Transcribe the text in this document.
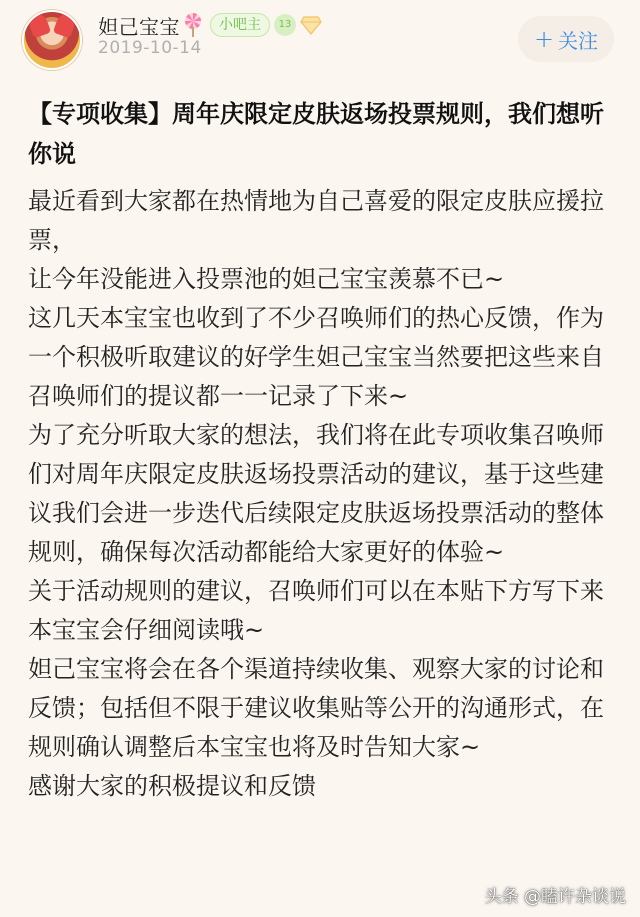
妲己宝宝	小吧主	13
2019-10-14	+ 关注
【专项收集】周年庆限定皮肤返场投票规则，我们想听你说

最近看到大家都在热情地为自己喜爱的限定皮肤应援拉票，

让今年没能进入投票池的妲己宝宝羡慕不已~

这几天本宝宝也收到了不少召唤师们的热心反馈，作为一个积极听取建议的好学生妲己宝宝当然要把这些来自召唤师们的提议都一一记录了下来~

为了充分听取大家的想法，我们将在此专项收集召唤师们对周年庆限定皮肤返场投票活动的建议，基于这些建议我们会进一步迭代后续限定皮肤返场投票活动的整体规则，确保每次活动都能给大家更好的体验~

关于活动规则的建议，召唤师们可以在本贴下方写下来

本宝宝会仔细阅读哦~

妲己宝宝将会在各个渠道持续收集、观察大家的讨论和反馈；包括但不限于建议收集贴等公开的沟通形式，在规则确认调整后本宝宝也将及时告知大家~

感谢大家的积极提议和反馈

头条 @瞌许杂谈说
